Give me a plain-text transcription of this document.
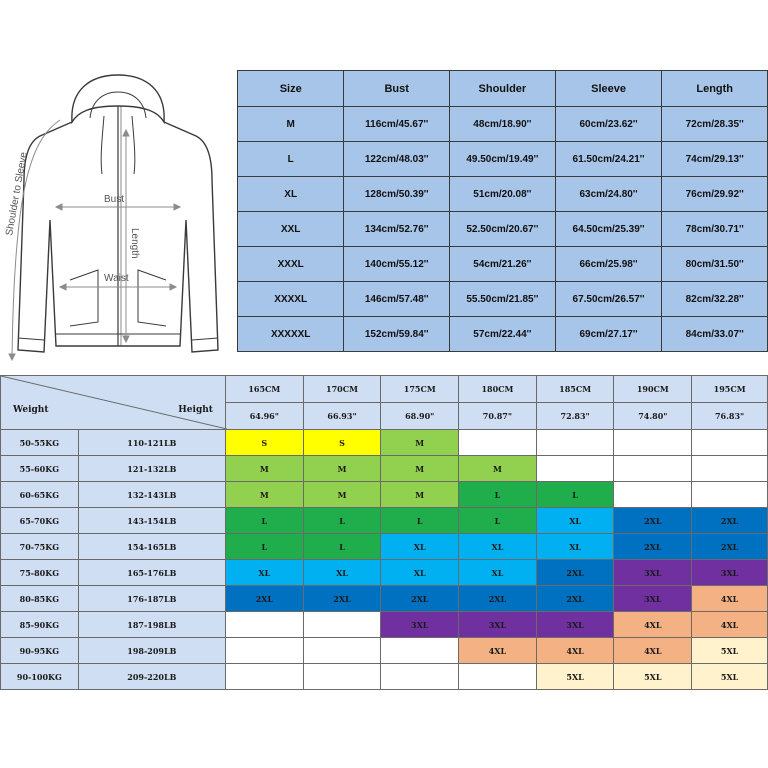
Bust
Waist
Length
Shoulder to Sleeve
Size	Bust	Shoulder	Sleeve	Length
M	116cm/45.67''	48cm/18.90''	60cm/23.62''	72cm/28.35''
L	122cm/48.03''	49.50cm/19.49''	61.50cm/24.21''	74cm/29.13''
XL	128cm/50.39''	51cm/20.08''	63cm/24.80''	76cm/29.92''
XXL	134cm/52.76''	52.50cm/20.67''	64.50cm/25.39''	78cm/30.71''
XXXL	140cm/55.12''	54cm/21.26''	66cm/25.98''	80cm/31.50''
XXXXL	146cm/57.48''	55.50cm/21.85''	67.50cm/26.57''	82cm/32.28''
XXXXXL	152cm/59.84''	57cm/22.44''	69cm/27.17''	84cm/33.07''
Weight Height		165CM	170CM	175CM	180CM	185CM	190CM	195CM
		64.96"	66.93"	68.90"	70.87"	72.83"	74.80"	76.83"
50-55KG	110-121LB	S	S	M				
55-60KG	121-132LB	M	M	M	M			
60-65KG	132-143LB	M	M	M	L	L		
65-70KG	143-154LB	L	L	L	L	XL	2XL	2XL
70-75KG	154-165LB	L	L	XL	XL	XL	2XL	2XL
75-80KG	165-176LB	XL	XL	XL	XL	2XL	3XL	3XL
80-85KG	176-187LB	2XL	2XL	2XL	2XL	2XL	3XL	4XL
85-90KG	187-198LB			3XL	3XL	3XL	4XL	4XL
90-95KG	198-209LB				4XL	4XL	4XL	5XL
90-100KG	209-220LB					5XL	5XL	5XL
